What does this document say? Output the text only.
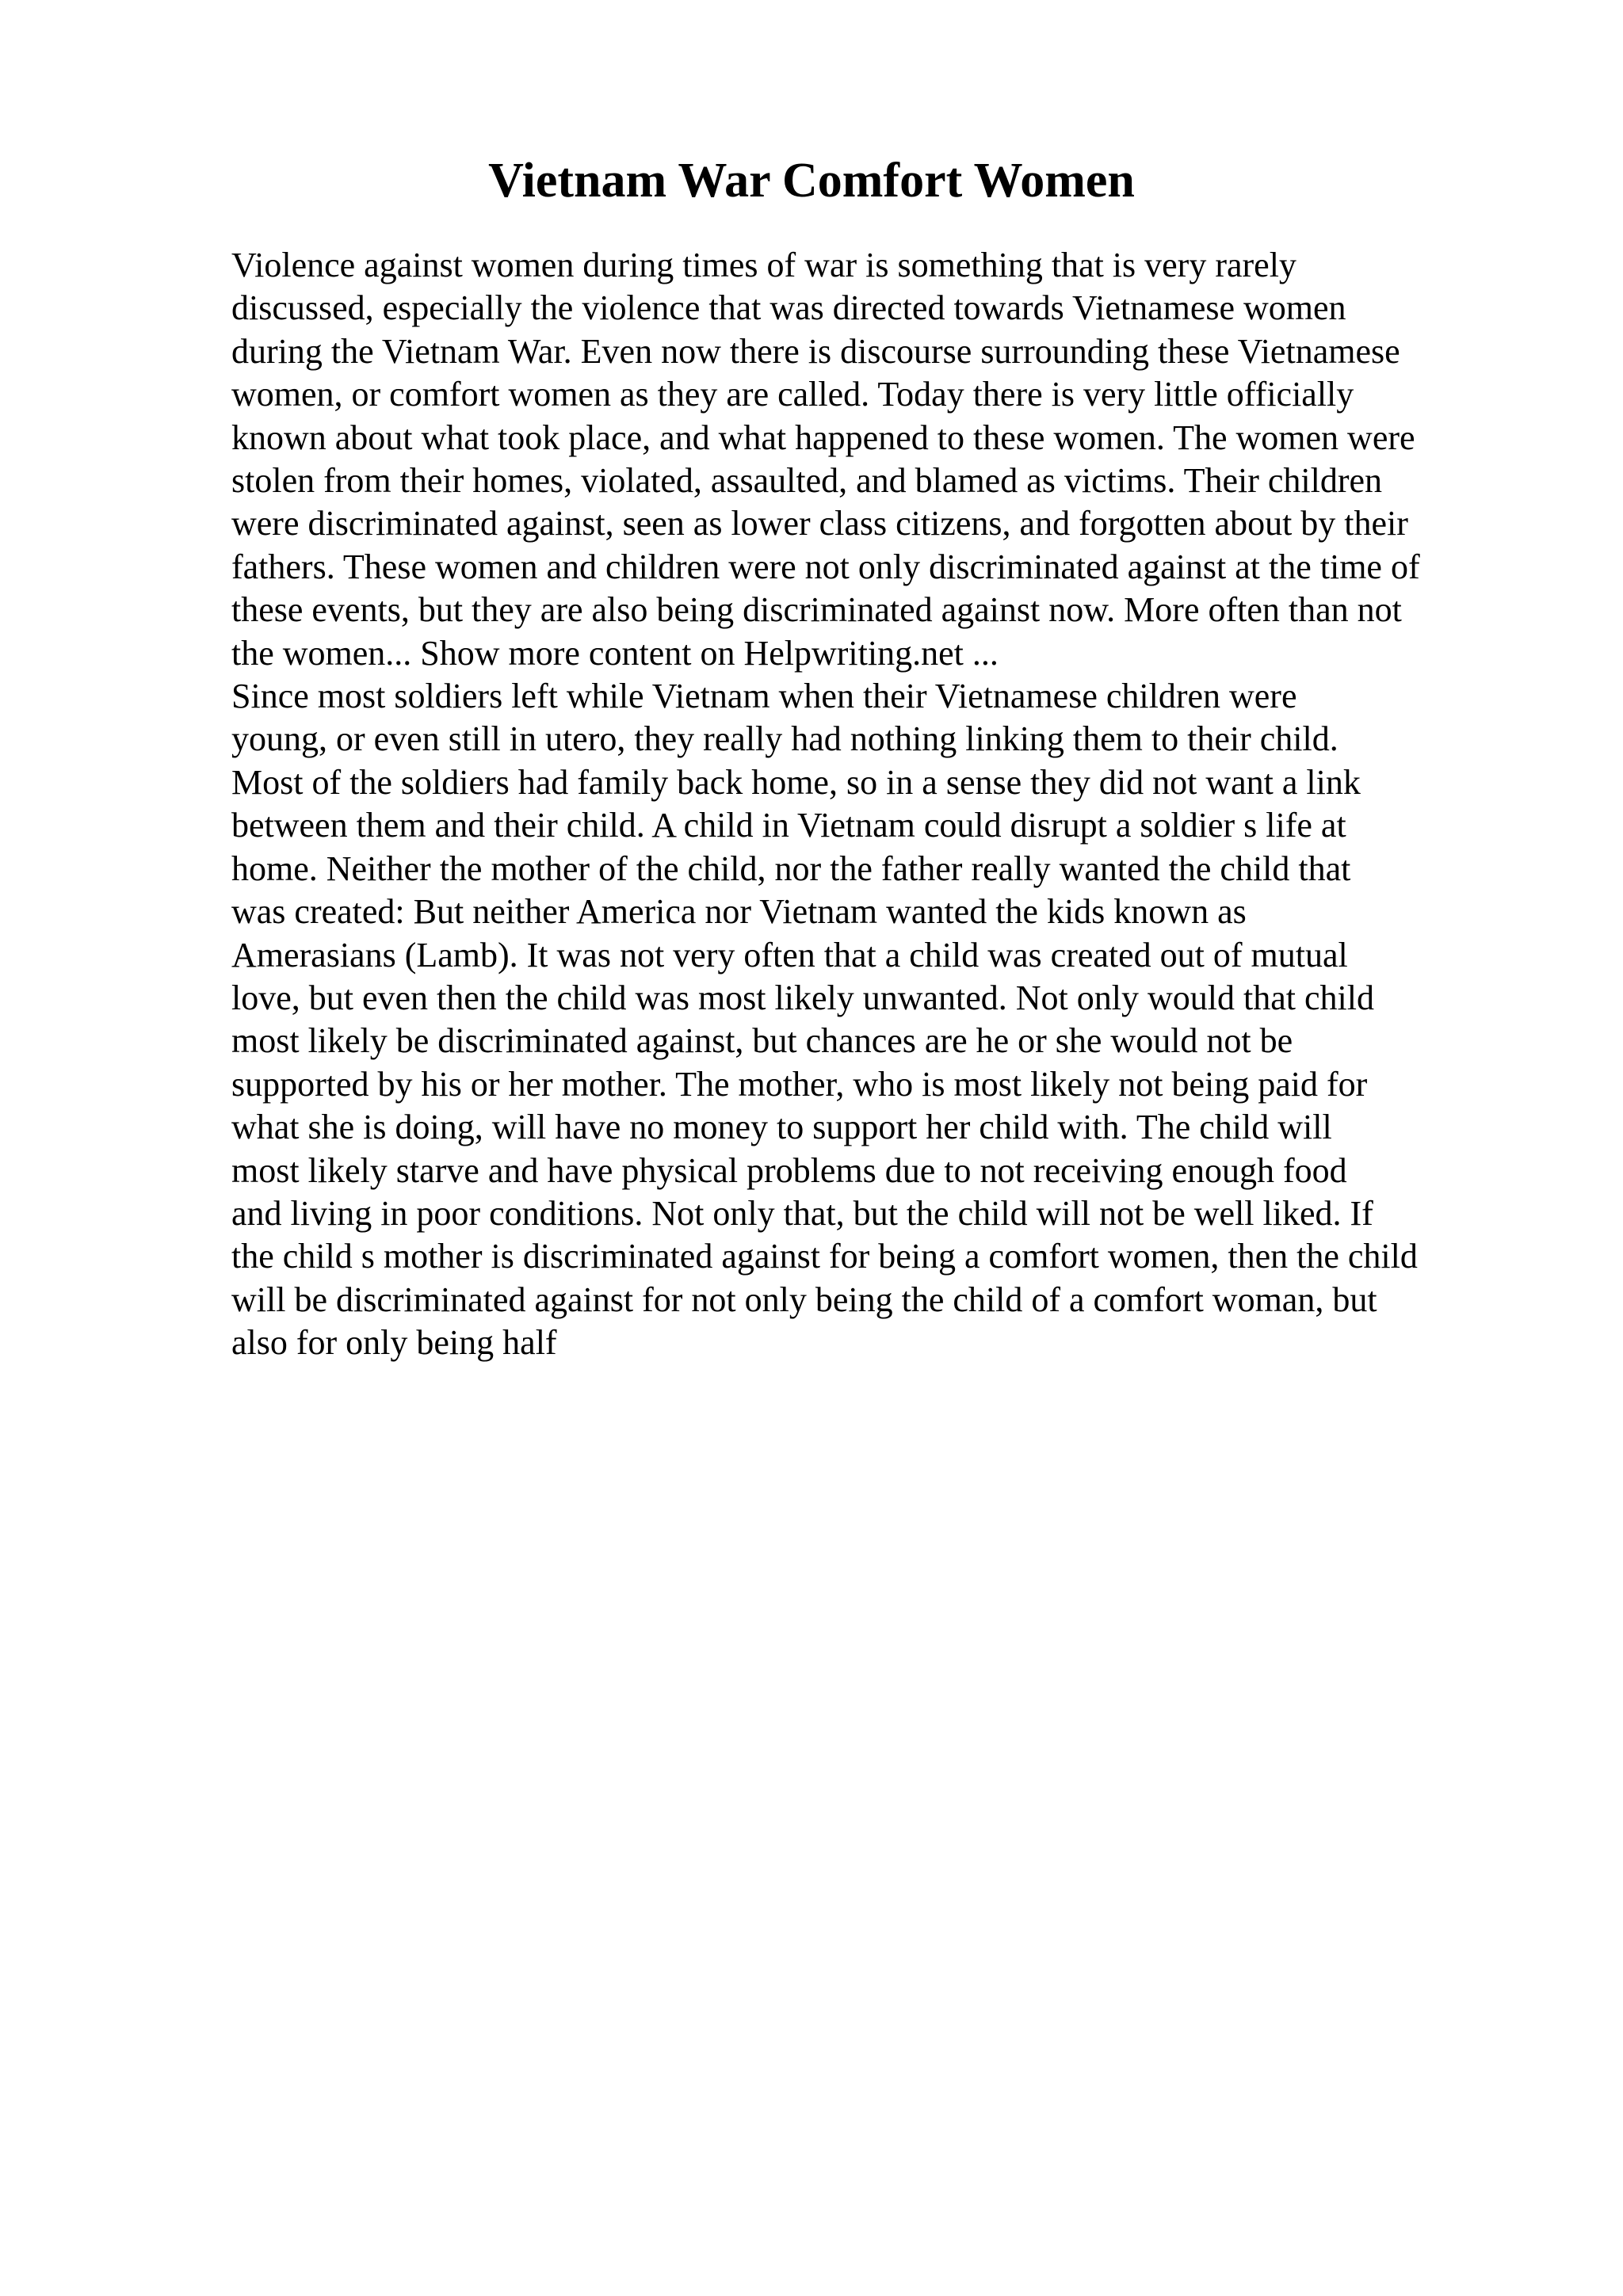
Vietnam War Comfort Women
Violence against women during times of war is something that is very rarely
discussed, especially the violence that was directed towards Vietnamese women
during the Vietnam War. Even now there is discourse surrounding these Vietnamese
women, or comfort women as they are called. Today there is very little officially
known about what took place, and what happened to these women. The women were
stolen from their homes, violated, assaulted, and blamed as victims. Their children
were discriminated against, seen as lower class citizens, and forgotten about by their
fathers. These women and children were not only discriminated against at the time of
these events, but they are also being discriminated against now. More often than not
the women... Show more content on Helpwriting.net ...
Since most soldiers left while Vietnam when their Vietnamese children were
young, or even still in utero, they really had nothing linking them to their child.
Most of the soldiers had family back home, so in a sense they did not want a link
between them and their child. A child in Vietnam could disrupt a soldier s life at
home. Neither the mother of the child, nor the father really wanted the child that
was created: But neither America nor Vietnam wanted the kids known as
Amerasians (Lamb). It was not very often that a child was created out of mutual
love, but even then the child was most likely unwanted. Not only would that child
most likely be discriminated against, but chances are he or she would not be
supported by his or her mother. The mother, who is most likely not being paid for
what she is doing, will have no money to support her child with. The child will
most likely starve and have physical problems due to not receiving enough food
and living in poor conditions. Not only that, but the child will not be well liked. If
the child s mother is discriminated against for being a comfort women, then the child
will be discriminated against for not only being the child of a comfort woman, but
also for only being half
